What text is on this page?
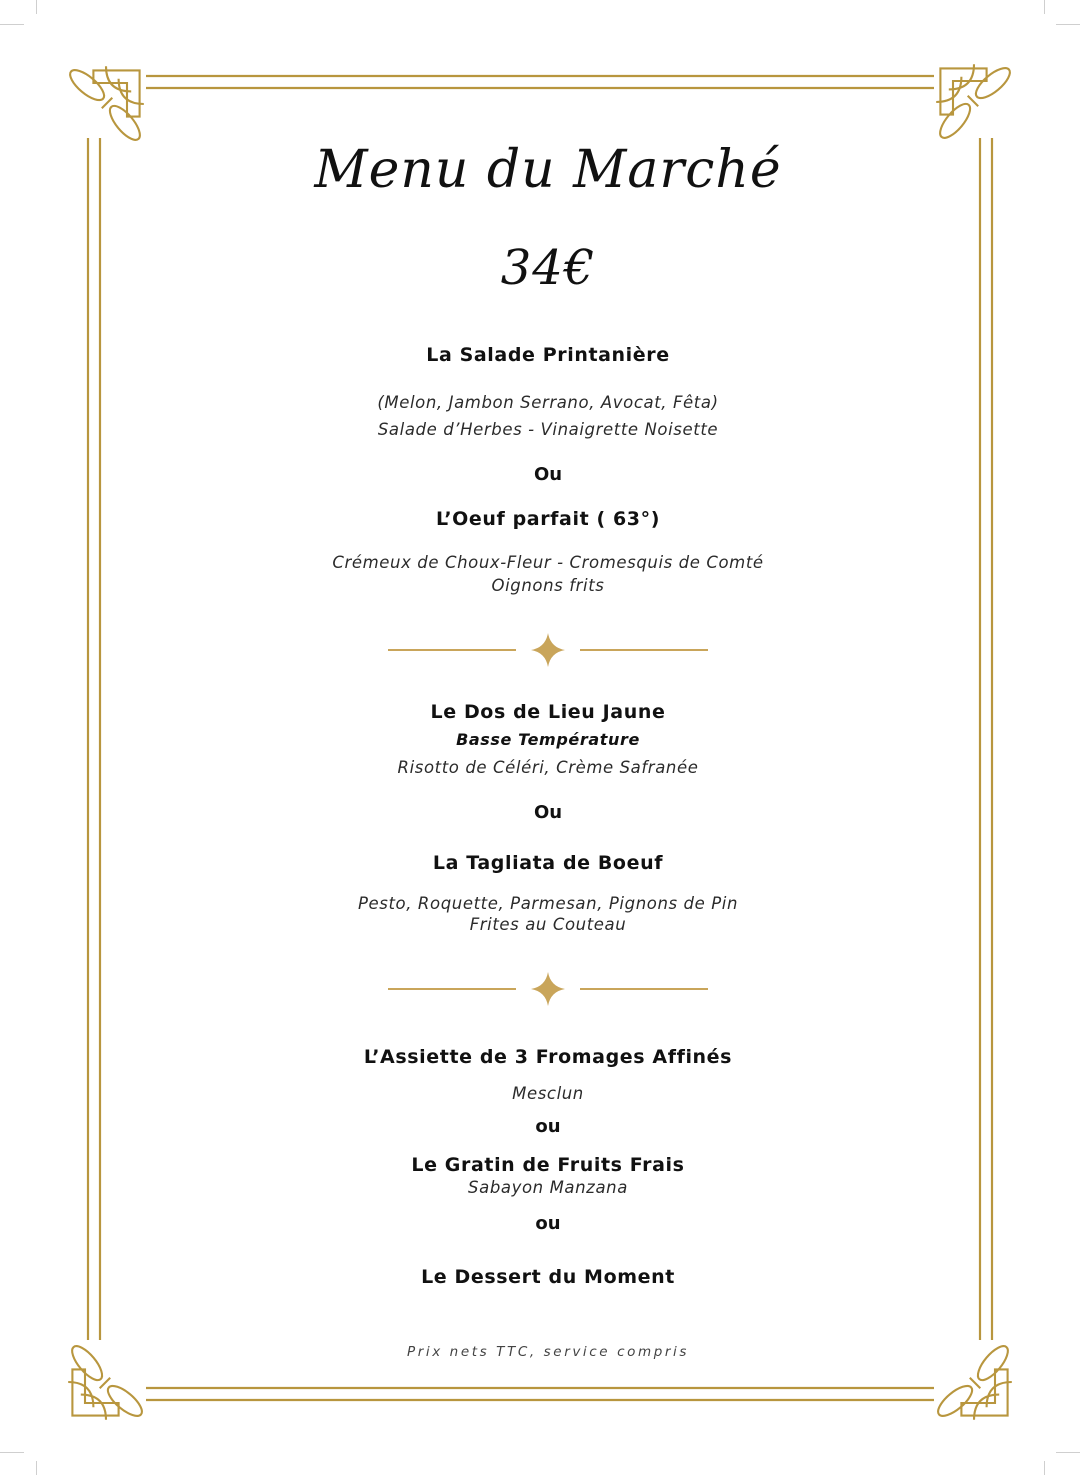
Menu du Marché
34€
La Salade Printanière
(Melon, Jambon Serrano, Avocat, Fêta)
Salade d’Herbes - Vinaigrette Noisette
Ou
L’Oeuf parfait ( 63°)
Crémeux de Choux-Fleur - Cromesquis de Comté
Oignons frits
Le Dos de Lieu Jaune
Basse Température
Risotto de Céléri, Crème Safranée
Ou
La Tagliata de Boeuf
Pesto, Roquette, Parmesan, Pignons de Pin
Frites au Couteau
L’Assiette de 3 Fromages Affinés
Mesclun
ou
Le Gratin de Fruits Frais
Sabayon Manzana
ou
Le Dessert du Moment
Prix nets TTC, service compris
